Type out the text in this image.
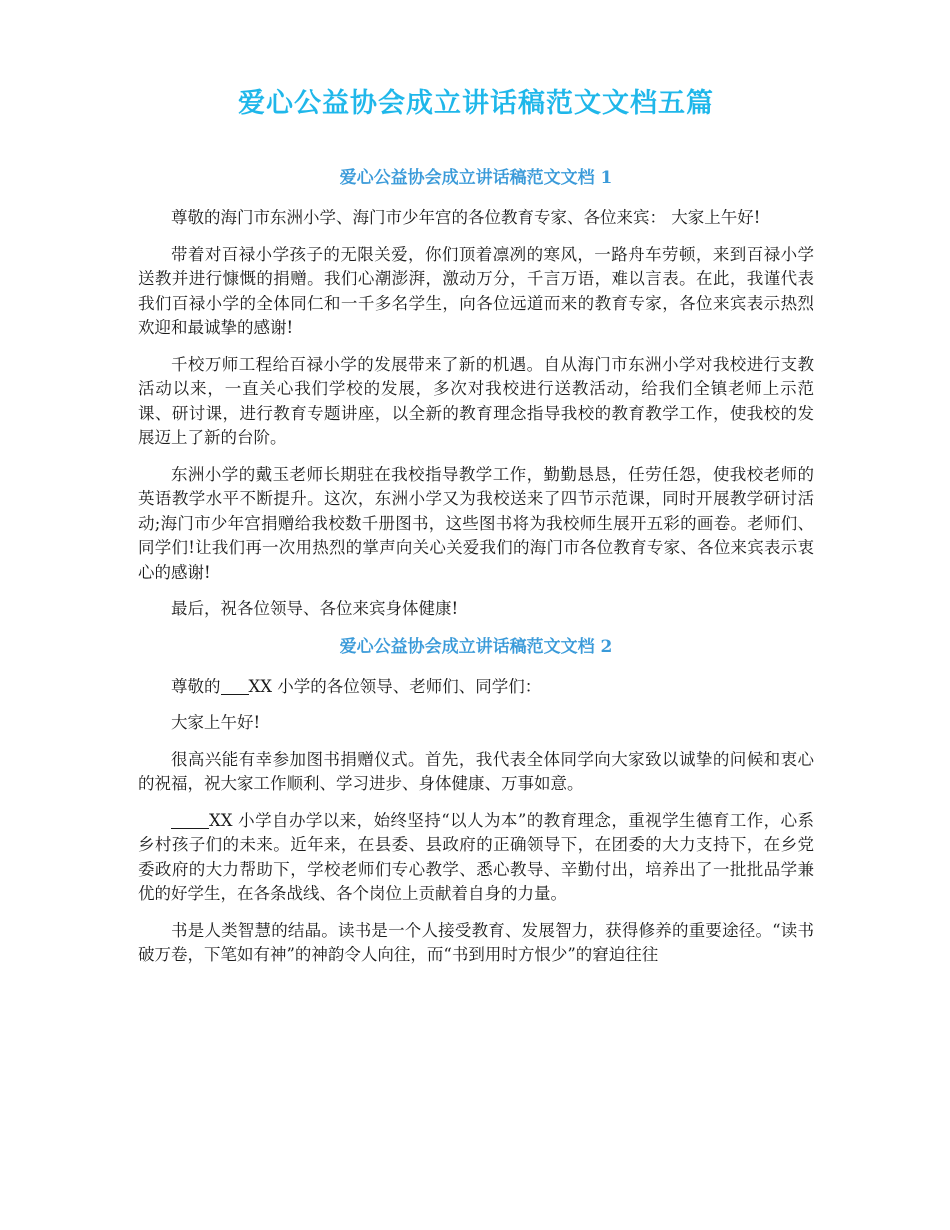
爱心公益协会成立讲话稿范文文档五篇
爱心公益协会成立讲话稿范文文档 1

尊敬的海门市东洲小学、海门市少年宫的各位教育专家、各位来宾： 大家上午好!

带着对百禄小学孩子的无限关爱，你们顶着凛冽的寒风，一路舟车劳顿，来到百禄小学送教并进行慷慨的捐赠。我们心潮澎湃，激动万分，千言万语，难以言表。在此，我谨代表我们百禄小学的全体同仁和一千多名学生，向各位远道而来的教育专家，各位来宾表示热烈欢迎和最诚挚的感谢!

千校万师工程给百禄小学的发展带来了新的机遇。自从海门市东洲小学对我校进行支教活动以来，一直关心我们学校的发展，多次对我校进行送教活动，给我们全镇老师上示范课、研讨课，进行教育专题讲座，以全新的教育理念指导我校的教育教学工作，使我校的发展迈上了新的台阶。

东洲小学的戴玉老师长期驻在我校指导教学工作，勤勤恳恳，任劳任怨，使我校老师的英语教学水平不断提升。这次，东洲小学又为我校送来了四节示范课，同时开展教学研讨活动;海门市少年宫捐赠给我校数千册图书，这些图书将为我校师生展开五彩的画卷。老师们、同学们!让我们再一次用热烈的掌声向关心关爱我们的海门市各位教育专家、各位来宾表示衷心的感谢!

最后，祝各位领导、各位来宾身体健康!

爱心公益协会成立讲话稿范文文档 2

尊敬的 XX 小学的各位领导、老师们、同学们：

大家上午好!

很高兴能有幸参加图书捐赠仪式。首先，我代表全体同学向大家致以诚挚的问候和衷心的祝福，祝大家工作顺利、学习进步、身体健康、万事如意。

XX 小学自办学以来，始终坚持“以人为本”的教育理念，重视学生德育工作，心系乡村孩子们的未来。近年来，在县委、县政府的正确领导下，在团委的大力支持下，在乡党委政府的大力帮助下，学校老师们专心教学、悉心教导、辛勤付出，培养出了一批批品学兼优的好学生，在各条战线、各个岗位上贡献着自身的力量。

书是人类智慧的结晶。读书是一个人接受教育、发展智力，获得修养的重要途径。“读书破万卷，下笔如有神”的神韵令人向往，而“书到用时方恨少”的窘迫往往
